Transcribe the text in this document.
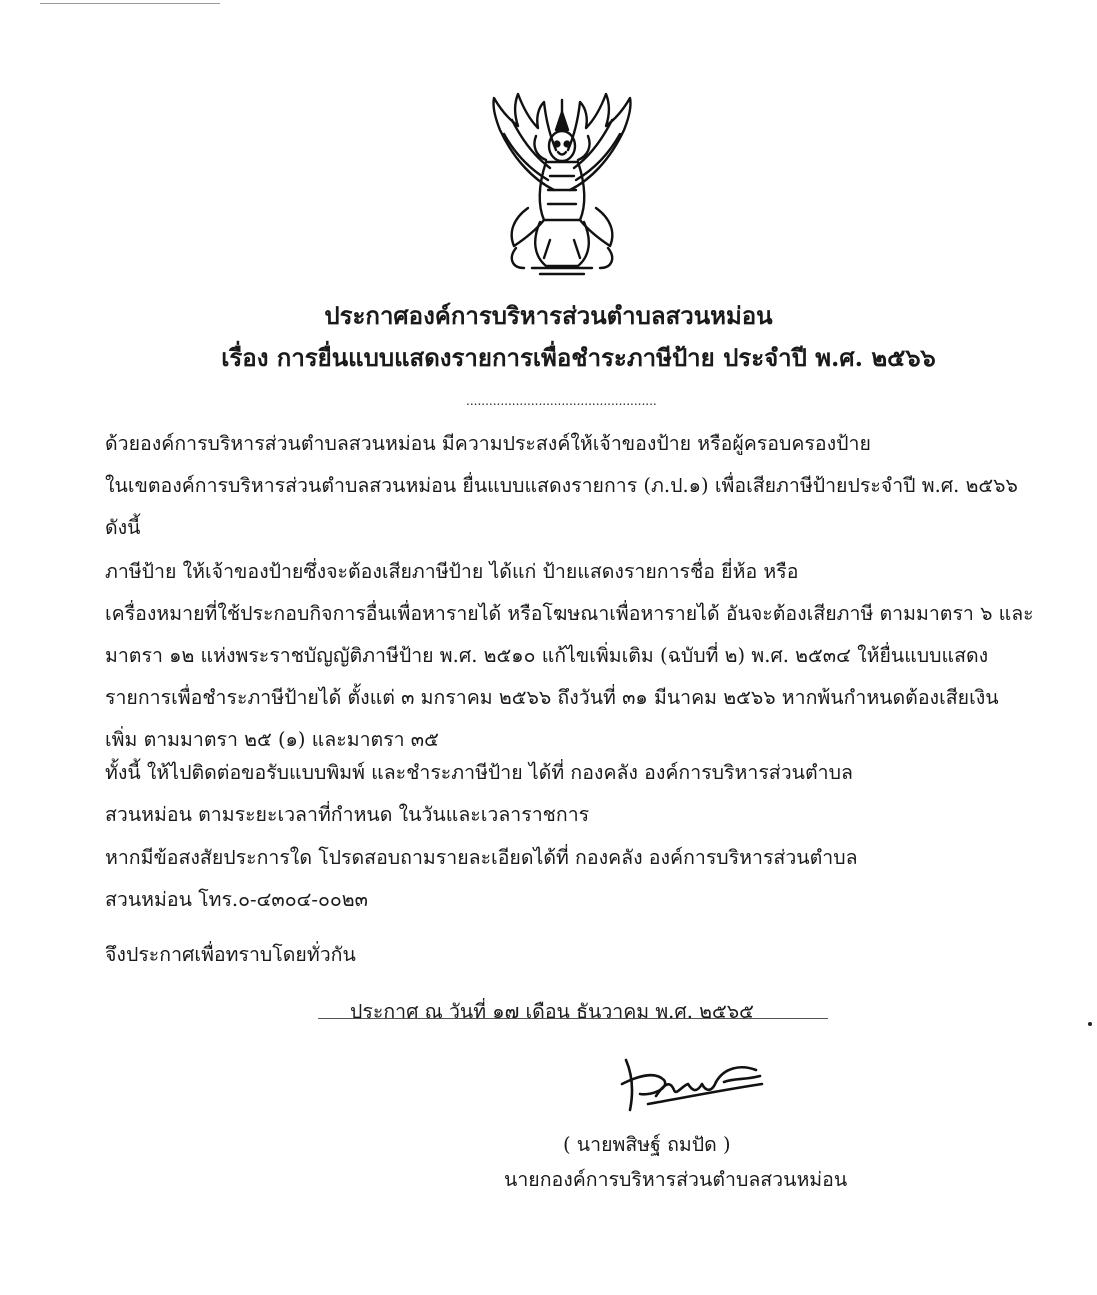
ประกาศองค์การบริหารส่วนตำบลสวนหม่อน
เรื่อง การยื่นแบบแสดงรายการเพื่อชำระภาษีป้าย ประจำปี พ.ศ. ๒๕๖๖
..................................................
ด้วยองค์การบริหารส่วนตำบลสวนหม่อน มีความประสงค์ให้เจ้าของป้าย หรือผู้ครอบครองป้าย
ในเขตองค์การบริหารส่วนตำบลสวนหม่อน ยื่นแบบแสดงรายการ (ภ.ป.๑) เพื่อเสียภาษีป้ายประจำปี พ.ศ. ๒๕๖๖
ดังนี้
ภาษีป้าย ให้เจ้าของป้ายซึ่งจะต้องเสียภาษีป้าย ได้แก่ ป้ายแสดงรายการชื่อ ยี่ห้อ หรือ
เครื่องหมายที่ใช้ประกอบกิจการอื่นเพื่อหารายได้ หรือโฆษณาเพื่อหารายได้ อันจะต้องเสียภาษี ตามมาตรา ๖ และ
มาตรา ๑๒ แห่งพระราชบัญญัติภาษีป้าย พ.ศ. ๒๕๑๐ แก้ไขเพิ่มเติม (ฉบับที่ ๒) พ.ศ. ๒๕๓๔ ให้ยื่นแบบแสดง
รายการเพื่อชำระภาษีป้ายได้ ตั้งแต่ ๓ มกราคม ๒๕๖๖ ถึงวันที่ ๓๑ มีนาคม ๒๕๖๖ หากพ้นกำหนดต้องเสียเงิน
เพิ่ม ตามมาตรา ๒๕ (๑) และมาตรา ๓๕
ทั้งนี้ ให้ไปติดต่อขอรับแบบพิมพ์ และชำระภาษีป้าย ได้ที่ กองคลัง องค์การบริหารส่วนตำบล
สวนหม่อน ตามระยะเวลาที่กำหนด ในวันและเวลาราชการ
หากมีข้อสงสัยประการใด โปรดสอบถามรายละเอียดได้ที่ กองคลัง องค์การบริหารส่วนตำบล
สวนหม่อน โทร.๐-๔๓๐๔-๐๐๒๓
จึงประกาศเพื่อทราบโดยทั่วกัน
ประกาศ ณ วันที่ ๑๗ เดือน ธันวาคม พ.ศ. ๒๕๖๕
( นายพสิษฐ์ ถมปัด )
นายกองค์การบริหารส่วนตำบลสวนหม่อน
